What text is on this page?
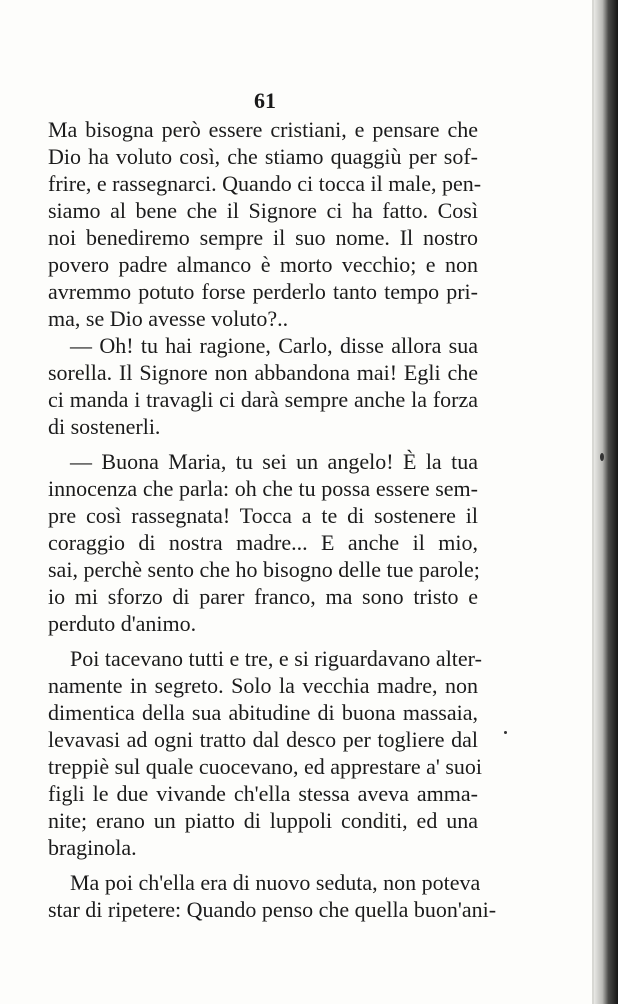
61
Ma bisogna però essere cristiani, e pensare che
Dio ha voluto così, che stiamo quaggiù per sof-
frire, e rassegnarci. Quando ci tocca il male, pen-
siamo al bene che il Signore ci ha fatto. Così
noi benediremo sempre il suo nome. Il nostro
povero padre almanco è morto vecchio; e non
avremmo potuto forse perderlo tanto tempo pri-
ma, se Dio avesse voluto?..
— Oh! tu hai ragione, Carlo, disse allora sua
sorella. Il Signore non abbandona mai! Egli che
ci manda i travagli ci darà sempre anche la forza
di sostenerli.
— Buona Maria, tu sei un angelo! È la tua
innocenza che parla: oh che tu possa essere sem-
pre così rassegnata! Tocca a te di sostenere il
coraggio di nostra madre... E anche il mio,
sai, perchè sento che ho bisogno delle tue parole;
io mi sforzo di parer franco, ma sono tristo e
perduto d'animo.
Poi tacevano tutti e tre, e si riguardavano alter-
namente in segreto. Solo la vecchia madre, non
dimentica della sua abitudine di buona massaia,
levavasi ad ogni tratto dal desco per togliere dal
treppiè sul quale cuocevano, ed apprestare a' suoi
figli le due vivande ch'ella stessa aveva ammа-
nite; erano un piatto di luppoli conditi, ed una
braginola.
Ma poi ch'ella era di nuovo seduta, non poteva
star di ripetere: Quando penso che quella buon'ani-
